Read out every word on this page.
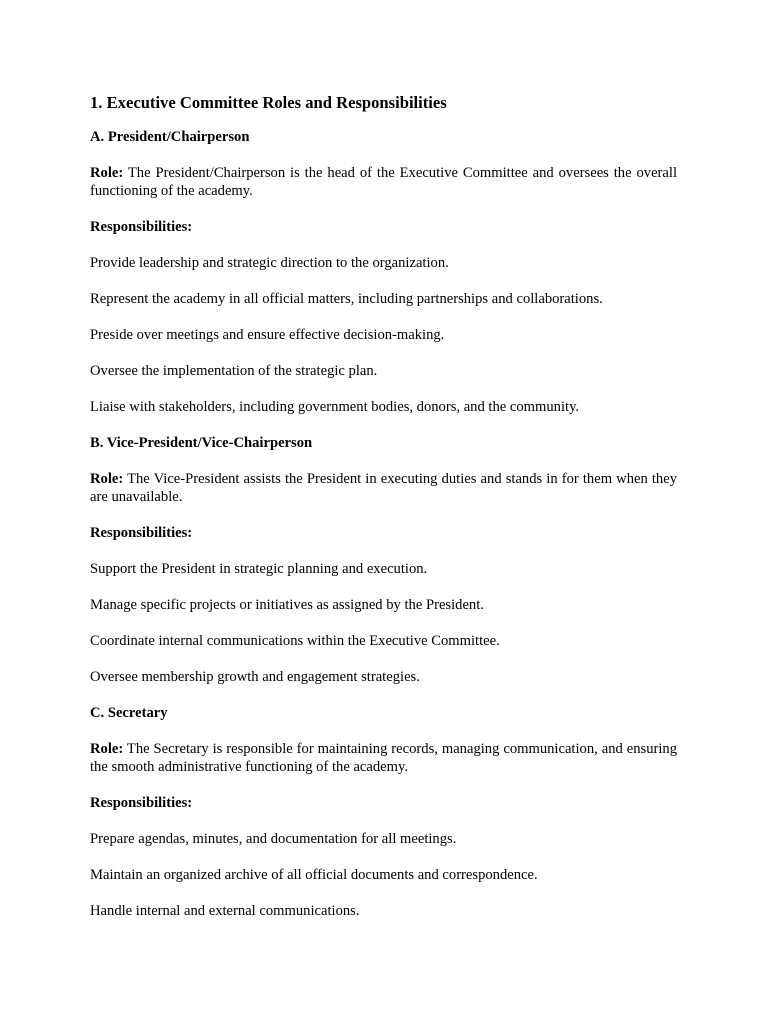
1. Executive Committee Roles and Responsibilities
A. President/Chairperson
Role: The President/Chairperson is the head of the Executive Committee and oversees the overall functioning of the academy.
Responsibilities:
Provide leadership and strategic direction to the organization.
Represent the academy in all official matters, including partnerships and collaborations.
Preside over meetings and ensure effective decision-making.
Oversee the implementation of the strategic plan.
Liaise with stakeholders, including government bodies, donors, and the community.
B. Vice-President/Vice-Chairperson
Role: The Vice-President assists the President in executing duties and stands in for them when they are unavailable.
Responsibilities:
Support the President in strategic planning and execution.
Manage specific projects or initiatives as assigned by the President.
Coordinate internal communications within the Executive Committee.
Oversee membership growth and engagement strategies.
C. Secretary
Role: The Secretary is responsible for maintaining records, managing communication, and ensuring the smooth administrative functioning of the academy.
Responsibilities:
Prepare agendas, minutes, and documentation for all meetings.
Maintain an organized archive of all official documents and correspondence.
Handle internal and external communications.
